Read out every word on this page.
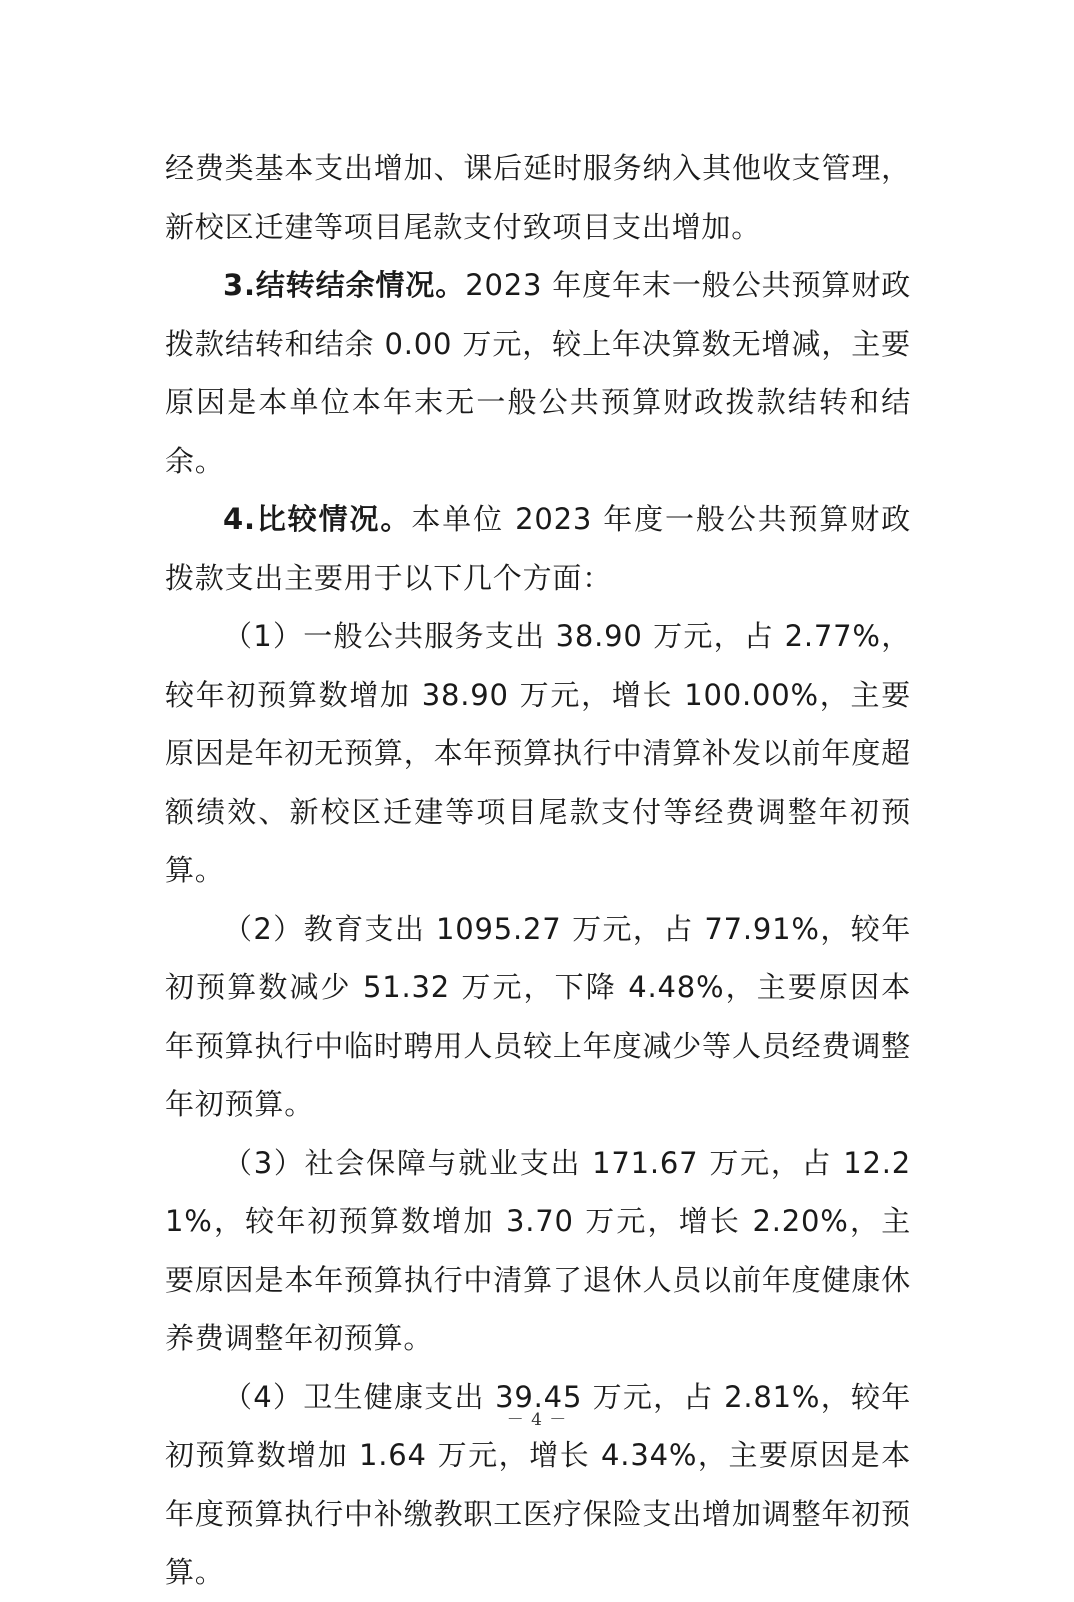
经费类基本支出增加、课后延时服务纳入其他收支管理，新校区迁建等项目尾款支付致项目支出增加。

3.结转结余情况。2023 年度年末一般公共预算财政拨款结转和结余 0.00 万元，较上年决算数无增减，主要原因是本单位本年末无一般公共预算财政拨款结转和结余。

4.比较情况。本单位 2023 年度一般公共预算财政拨款支出主要用于以下几个方面：

（1）一般公共服务支出 38.90 万元，占 2.77%，较年初预算数增加 38.90 万元，增长 100.00%，主要原因是年初无预算，本年预算执行中清算补发以前年度超额绩效、新校区迁建等项目尾款支付等经费调整年初预算。

（2）教育支出 1095.27 万元，占 77.91%，较年初预算数减少 51.32 万元，下降 4.48%，主要原因本年预算执行中临时聘用人员较上年度减少等人员经费调整年初预算。

（3）社会保障与就业支出 171.67 万元，占 12.21%，较年初预算数增加 3.70 万元，增长 2.20%，主要原因是本年预算执行中清算了退休人员以前年度健康休养费调整年初预算。

（4）卫生健康支出 39.45 万元，占 2.81%，较年初预算数增加 1.64 万元，增长 4.34%，主要原因是本年度预算执行中补缴教职工医疗保险支出增加调整年初预算。

－ 4 －
